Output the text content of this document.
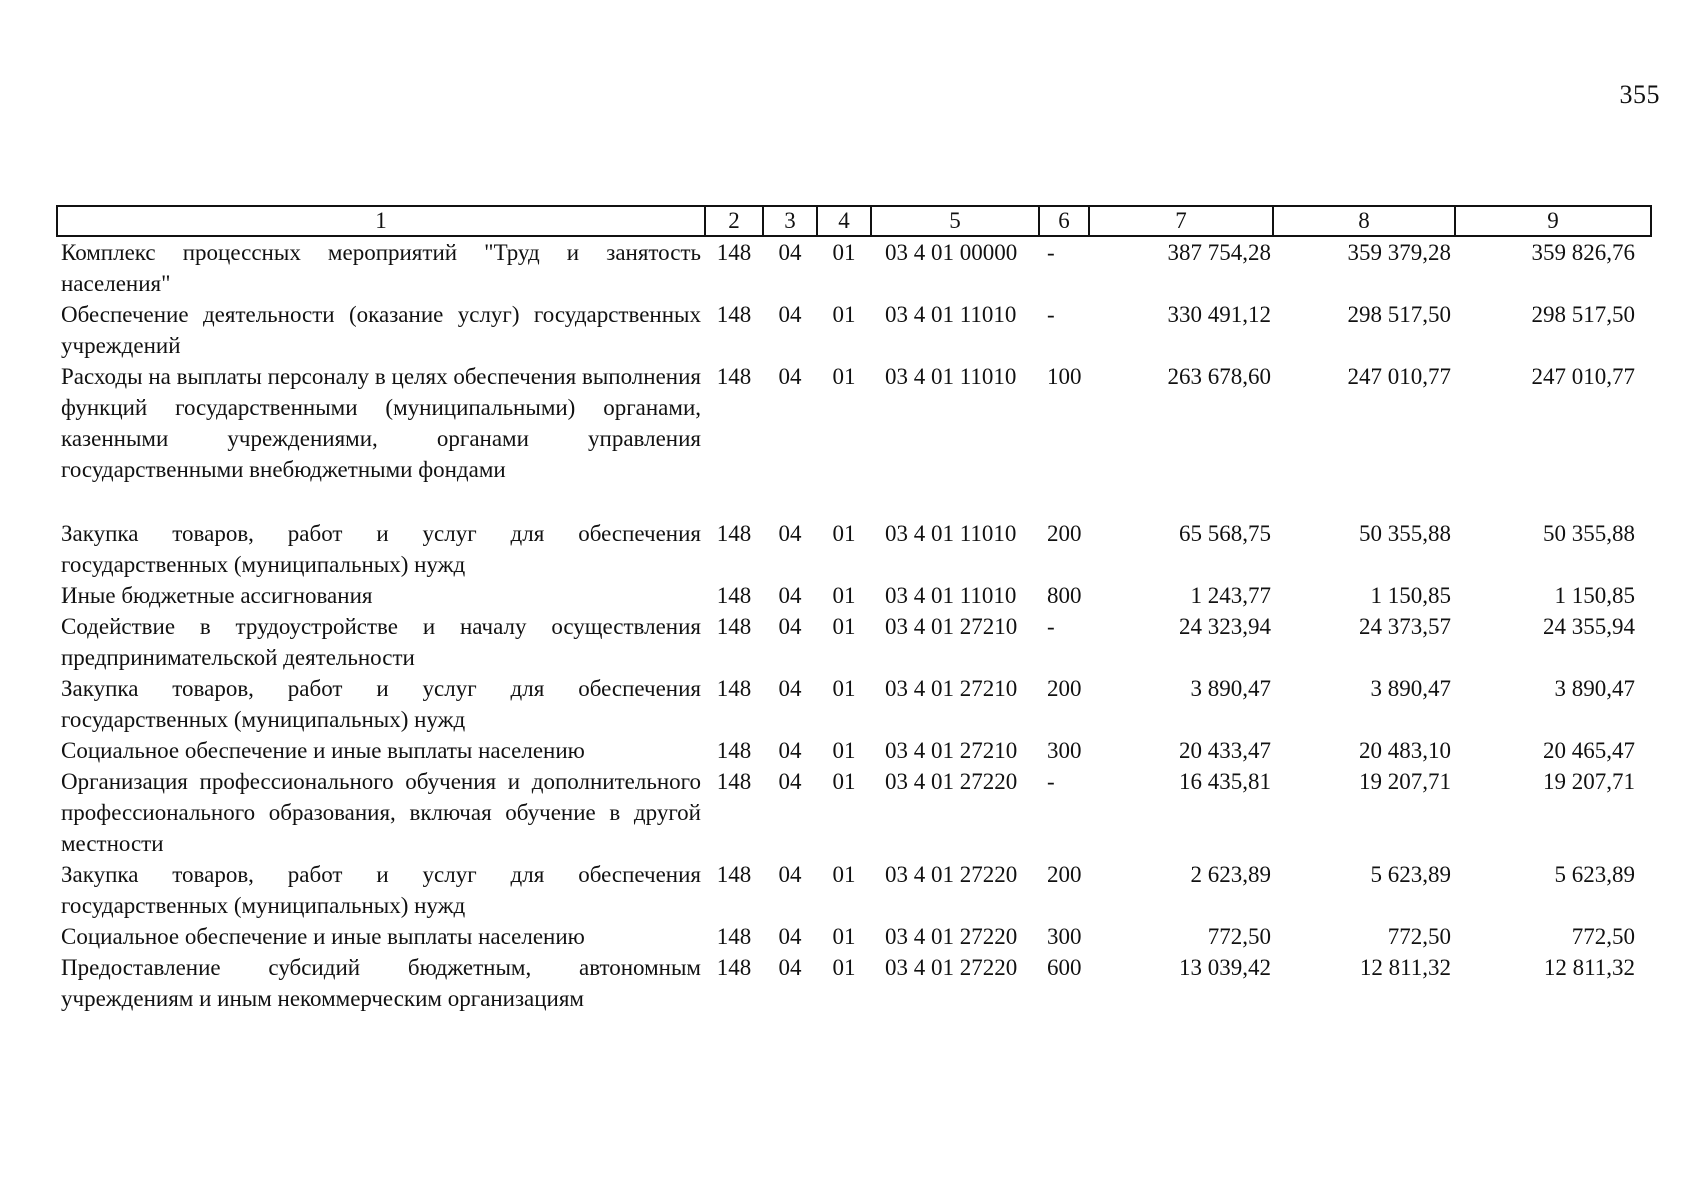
355
1	2	3	4	5	6	7	8	9
Комплекс процессных мероприятий "Труд и занятость населения"	148	04	01	03 4 01 00000	-	387 754,28	359 379,28	359 826,76
Обеспечение деятельности (оказание услуг) государственных учреждений	148	04	01	03 4 01 11010	-	330 491,12	298 517,50	298 517,50
Расходы на выплаты персоналу в целях обеспечения выполнения функций государственными (муниципальными) органами, казенными учреждениями, органами управления государственными внебюджетными фондами	148	04	01	03 4 01 11010	100	263 678,60	247 010,77	247 010,77
Закупка товаров, работ и услуг для обеспечения государственных (муниципальных) нужд	148	04	01	03 4 01 11010	200	65 568,75	50 355,88	50 355,88
Иные бюджетные ассигнования	148	04	01	03 4 01 11010	800	1 243,77	1 150,85	1 150,85
Содействие в трудоустройстве и началу осуществления предпринимательской деятельности	148	04	01	03 4 01 27210	-	24 323,94	24 373,57	24 355,94
Закупка товаров, работ и услуг для обеспечения государственных (муниципальных) нужд	148	04	01	03 4 01 27210	200	3 890,47	3 890,47	3 890,47
Социальное обеспечение и иные выплаты населению	148	04	01	03 4 01 27210	300	20 433,47	20 483,10	20 465,47
Организация профессионального обучения и дополнительного профессионального образования, включая обучение в другой местности	148	04	01	03 4 01 27220	-	16 435,81	19 207,71	19 207,71
Закупка товаров, работ и услуг для обеспечения государственных (муниципальных) нужд	148	04	01	03 4 01 27220	200	2 623,89	5 623,89	5 623,89
Социальное обеспечение и иные выплаты населению	148	04	01	03 4 01 27220	300	772,50	772,50	772,50
Предоставление субсидий бюджетным, автономным учреждениям и иным некоммерческим организациям	148	04	01	03 4 01 27220	600	13 039,42	12 811,32	12 811,32
